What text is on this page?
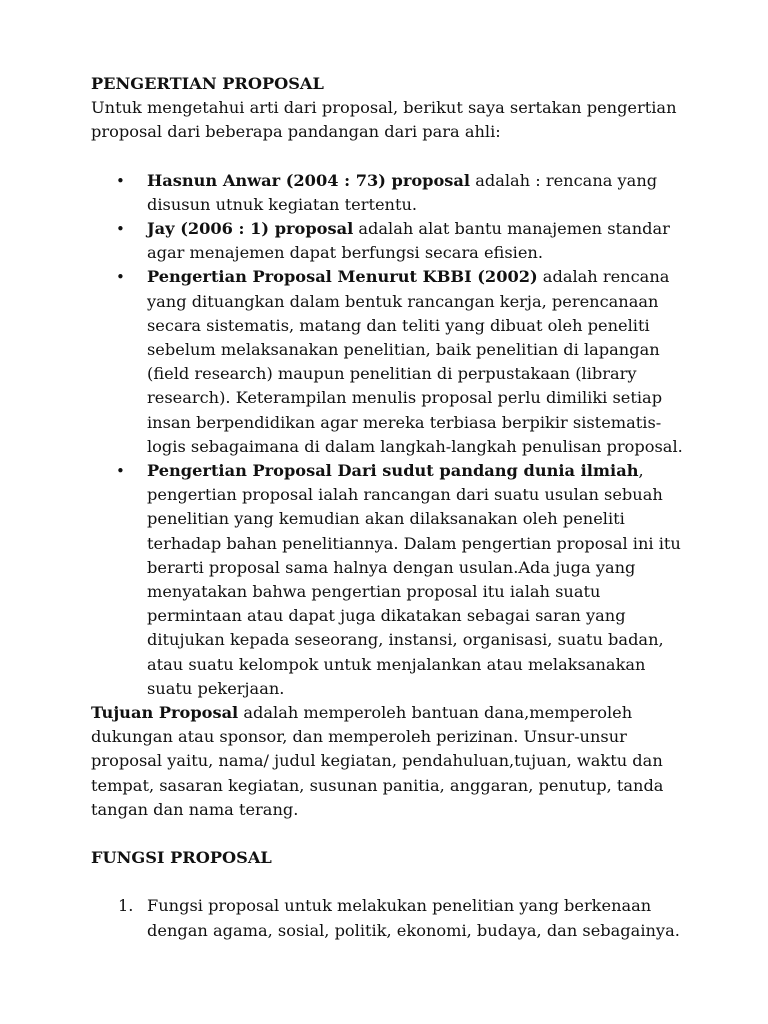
PENGERTIAN PROPOSAL

Untuk mengetahui arti dari proposal, berikut saya sertakan pengertian proposal dari beberapa pandangan dari para ahli:

• Hasnun Anwar (2004 : 73) proposal adalah : rencana yang disusun utnuk kegiatan tertentu.
• Jay (2006 : 1) proposal adalah alat bantu manajemen standar agar menajemen dapat berfungsi secara efisien.
• Pengertian Proposal Menurut KBBI (2002) adalah rencana yang dituangkan dalam bentuk rancangan kerja, perencanaan secara sistematis, matang dan teliti yang dibuat oleh peneliti sebelum melaksanakan penelitian, baik penelitian di lapangan (field research) maupun penelitian di perpustakaan (library research). Keterampilan menulis proposal perlu dimiliki setiap insan berpendidikan agar mereka terbiasa berpikir sistematis-logis sebagaimana di dalam langkah-langkah penulisan proposal.
• Pengertian Proposal Dari sudut pandang dunia ilmiah, pengertian proposal ialah rancangan dari suatu usulan sebuah penelitian yang kemudian akan dilaksanakan oleh peneliti terhadap bahan penelitiannya. Dalam pengertian proposal ini itu berarti proposal sama halnya dengan usulan.Ada juga yang menyatakan bahwa pengertian proposal itu ialah suatu permintaan atau dapat juga dikatakan sebagai saran yang ditujukan kepada seseorang, instansi, organisasi, suatu badan, atau suatu kelompok untuk menjalankan atau melaksanakan suatu pekerjaan.

Tujuan Proposal adalah memperoleh bantuan dana,memperoleh dukungan atau sponsor, dan memperoleh perizinan. Unsur-unsur proposal yaitu, nama/ judul kegiatan, pendahuluan,tujuan, waktu dan tempat, sasaran kegiatan, susunan panitia, anggaran, penutup, tanda tangan dan nama terang.

FUNGSI PROPOSAL

1. Fungsi proposal untuk melakukan penelitian yang berkenaan dengan agama, sosial, politik, ekonomi, budaya, dan sebagainya.
